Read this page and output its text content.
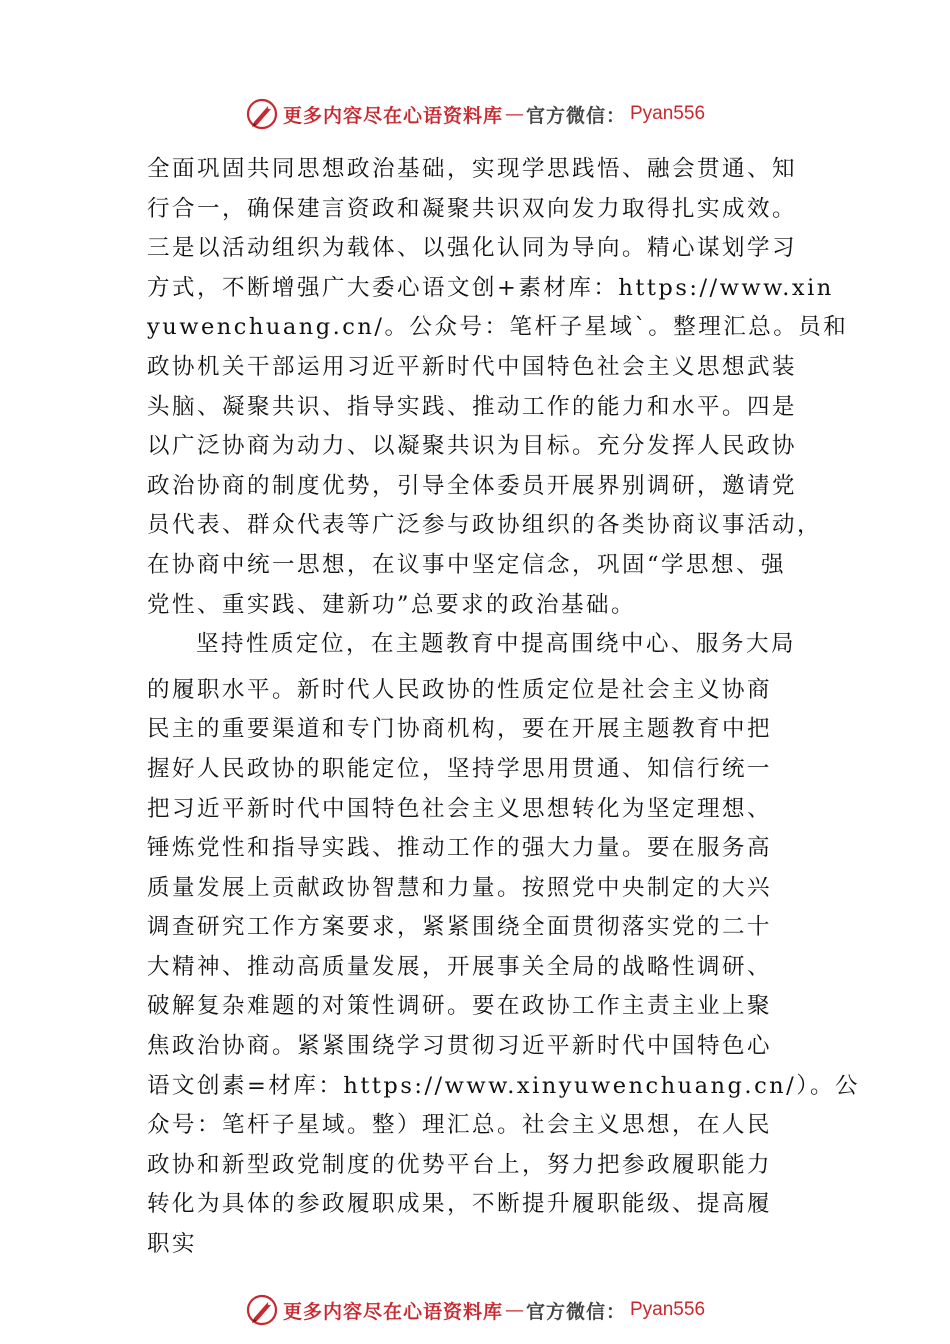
更多内容尽在心语资料库 — 官方微信： Pyan556
全面巩固共同思想政治基础，实现学思践悟、融会贯通、知
行合一，确保建言资政和凝聚共识双向发力取得扎实成效。
三是以活动组织为载体、以强化认同为导向。精心谋划学习
方式，不断增强广大委心语文创+素材库：https://www.xin
yuwenchuang.cn/。公众号：笔杆子星域`。整理汇总。员和
政协机关干部运用习近平新时代中国特色社会主义思想武装
头脑、凝聚共识、指导实践、推动工作的能力和水平。四是
以广泛协商为动力、以凝聚共识为目标。充分发挥人民政协
政治协商的制度优势，引导全体委员开展界别调研，邀请党
员代表、群众代表等广泛参与政协组织的各类协商议事活动，
在协商中统一思想，在议事中坚定信念，巩固“学思想、强
党性、重实践、建新功”总要求的政治基础。
坚持性质定位，在主题教育中提高围绕中心、服务大局
的履职水平。新时代人民政协的性质定位是社会主义协商
民主的重要渠道和专门协商机构，要在开展主题教育中把
握好人民政协的职能定位，坚持学思用贯通、知信行统一
把习近平新时代中国特色社会主义思想转化为坚定理想、
锤炼党性和指导实践、推动工作的强大力量。要在服务高
质量发展上贡献政协智慧和力量。按照党中央制定的大兴
调查研究工作方案要求，紧紧围绕全面贯彻落实党的二十
大精神、推动高质量发展，开展事关全局的战略性调研、
破解复杂难题的对策性调研。要在政协工作主责主业上聚
焦政治协商。紧紧围绕学习贯彻习近平新时代中国特色心
语文创素=材库：https://www.xinyuwenchuang.cn/）。公
众号：笔杆子星域。整）理汇总。社会主义思想，在人民
政协和新型政党制度的优势平台上，努力把参政履职能力
转化为具体的参政履职成果，不断提升履职能级、提高履
职实
更多内容尽在心语资料库 — 官方微信： Pyan556
